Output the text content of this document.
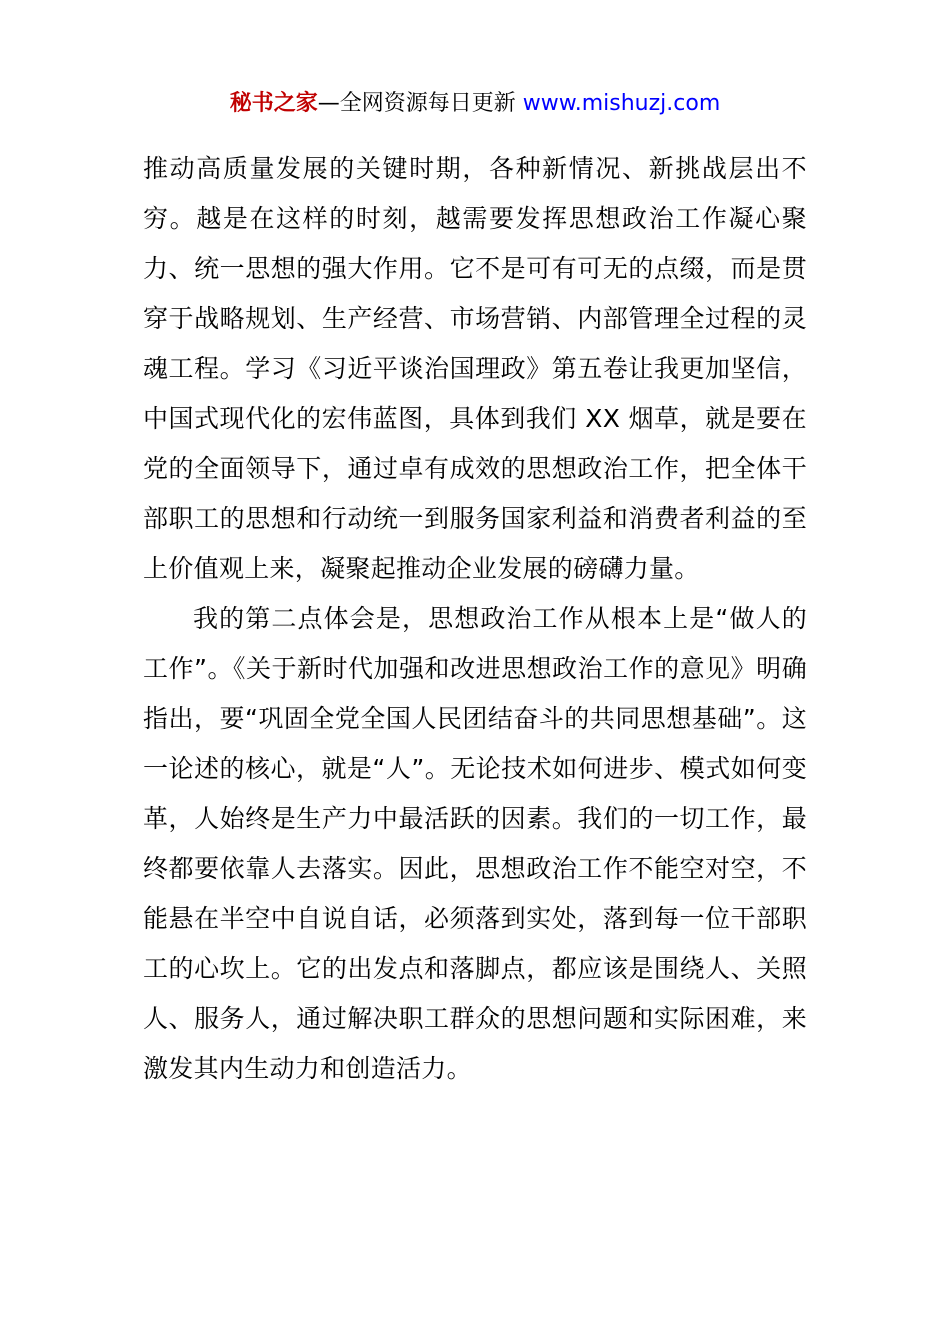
秘书之家—全网资源每日更新 www.mishuzj.com

推动高质量发展的关键时期，各种新情况、新挑战层出不穷。越是在这样的时刻，越需要发挥思想政治工作凝心聚力、统一思想的强大作用。它不是可有可无的点缀，而是贯穿于战略规划、生产经营、市场营销、内部管理全过程的灵魂工程。学习《习近平谈治国理政》第五卷让我更加坚信，中国式现代化的宏伟蓝图，具体到我们 XX 烟草，就是要在党的全面领导下，通过卓有成效的思想政治工作，把全体干部职工的思想和行动统一到服务国家利益和消费者利益的至上价值观上来，凝聚起推动企业发展的磅礴力量。

我的第二点体会是，思想政治工作从根本上是“做人的工作”。《关于新时代加强和改进思想政治工作的意见》明确指出，要“巩固全党全国人民团结奋斗的共同思想基础”。这一论述的核心，就是“人”。无论技术如何进步、模式如何变革，人始终是生产力中最活跃的因素。我们的一切工作，最终都要依靠人去落实。因此，思想政治工作不能空对空，不能悬在半空中自说自话，必须落到实处，落到每一位干部职工的心坎上。它的出发点和落脚点，都应该是围绕人、关照人、服务人，通过解决职工群众的思想问题和实际困难，来激发其内生动力和创造活力。
